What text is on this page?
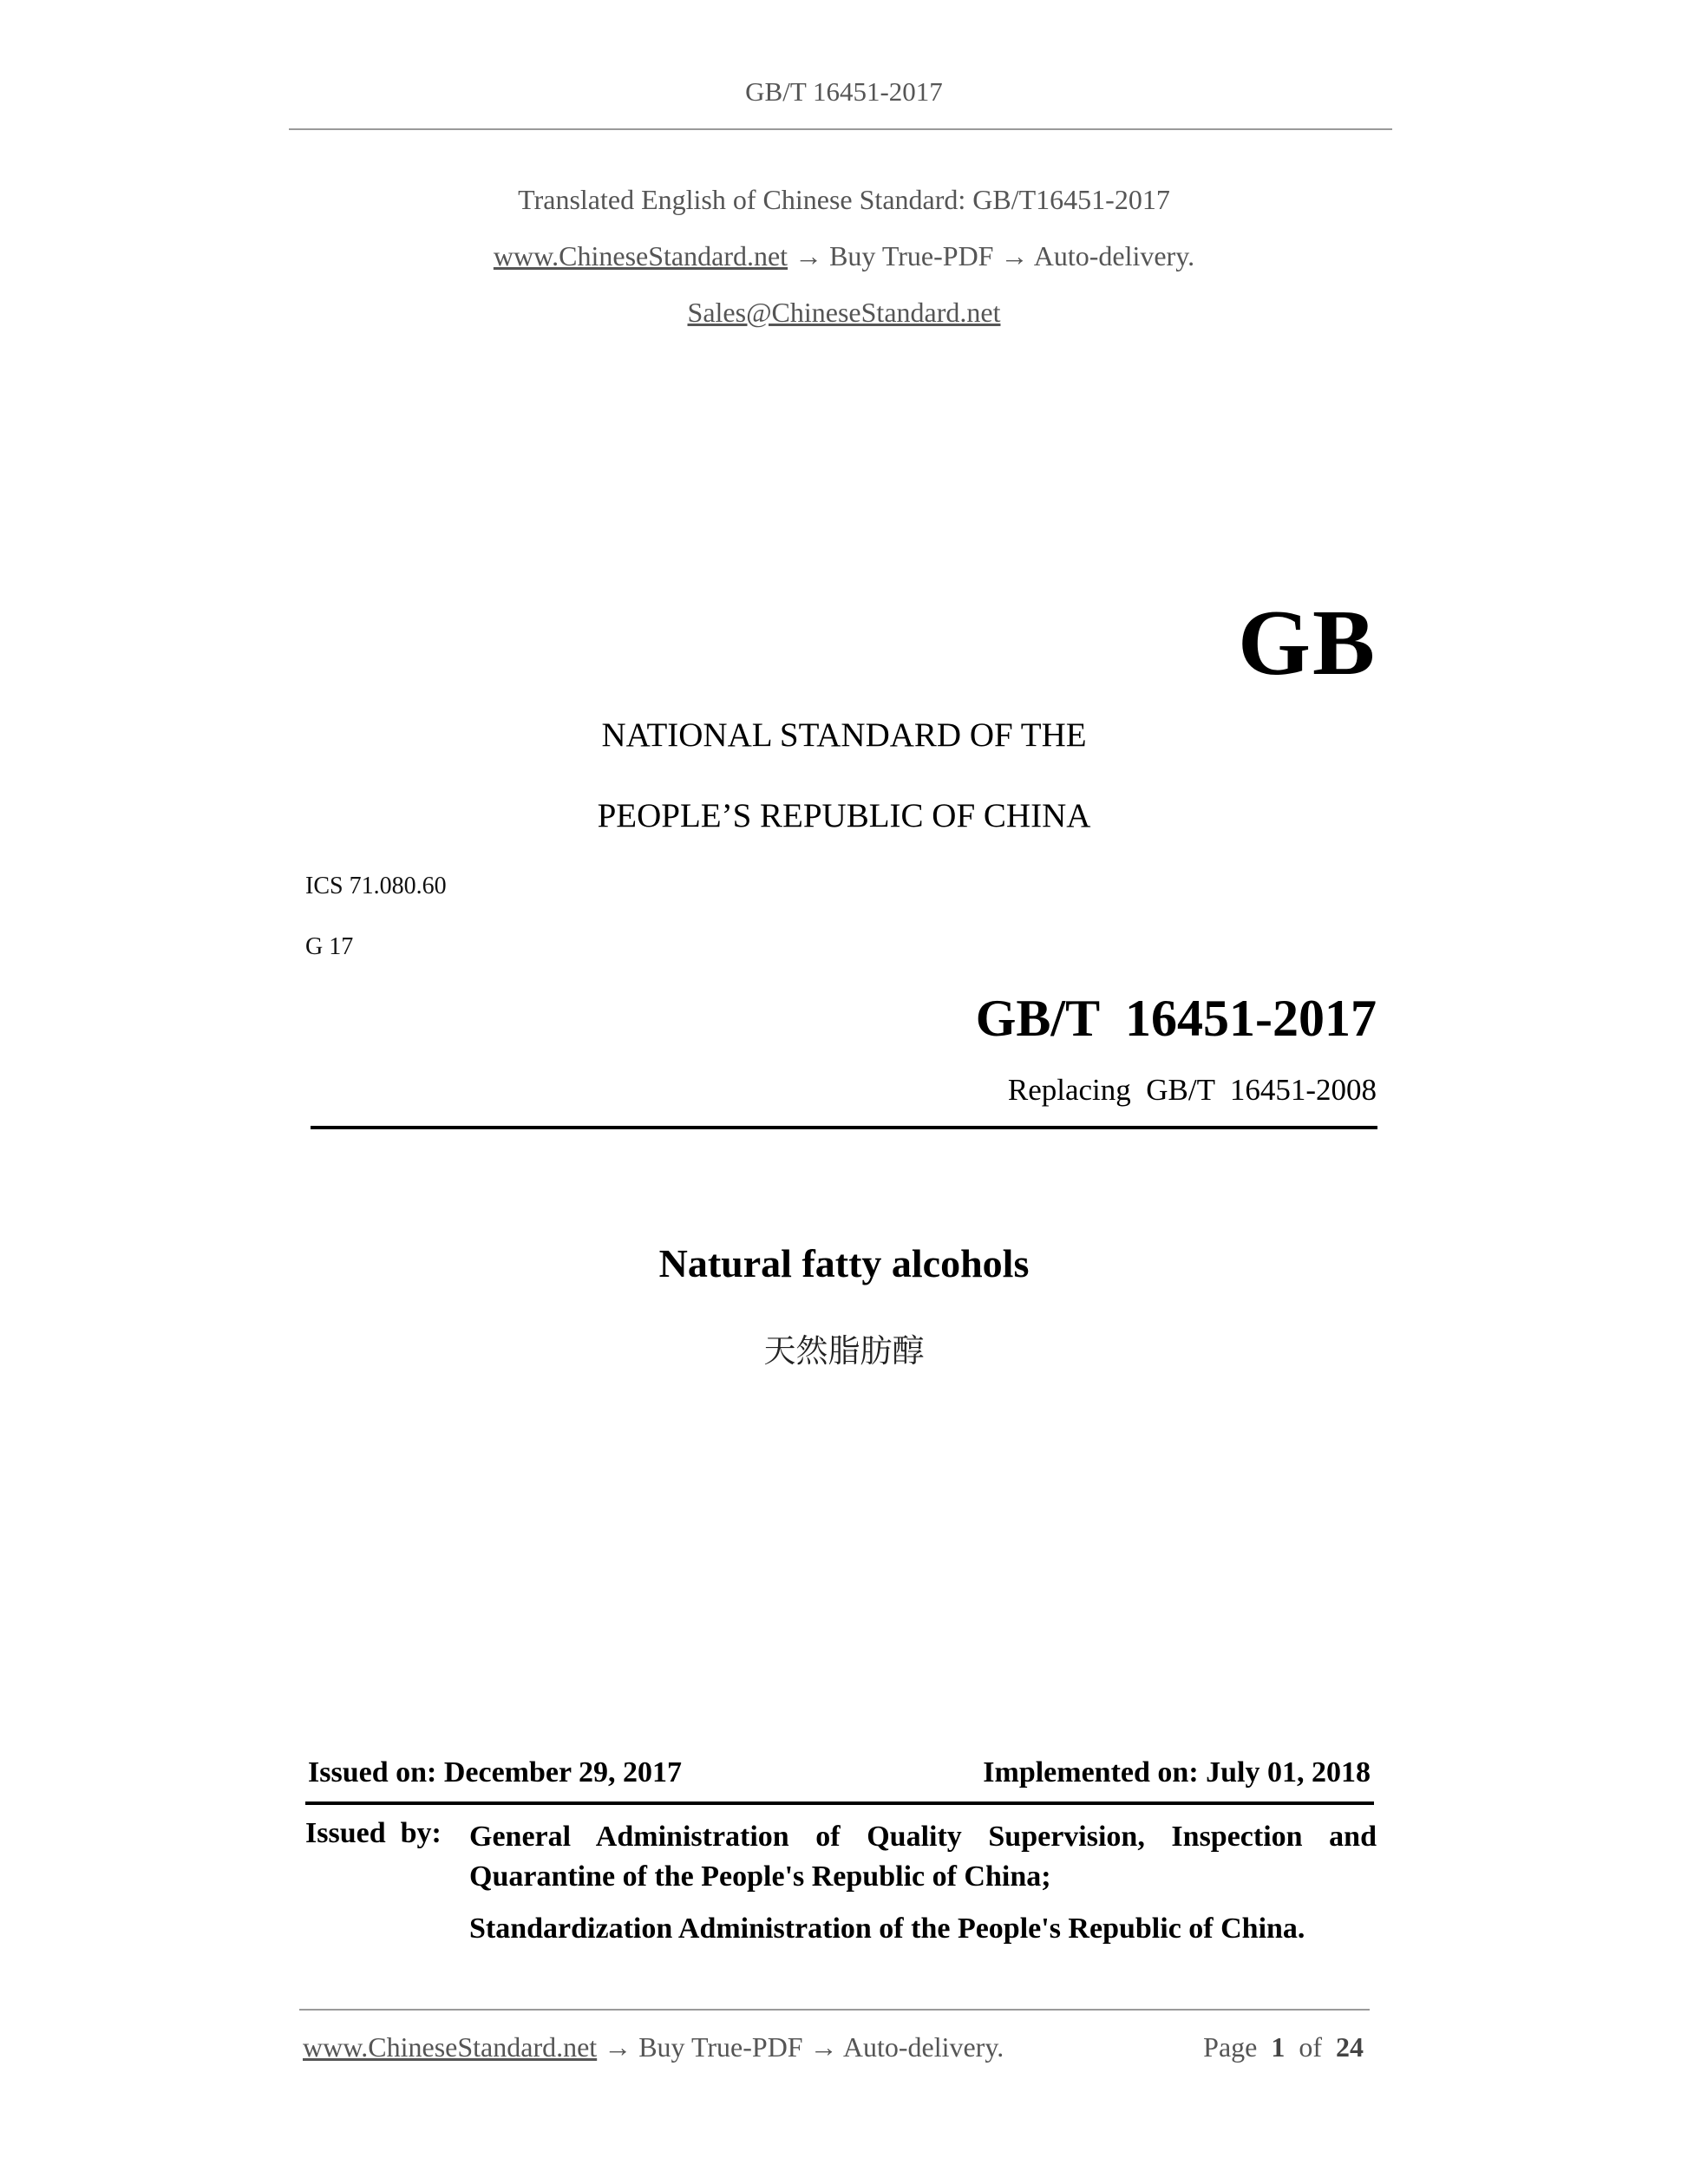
GB/T 16451-2017
Translated English of Chinese Standard: GB/T16451-2017
www.ChineseStandard.net → Buy True-PDF → Auto-delivery.
Sales@ChineseStandard.net
GB
NATIONAL STANDARD OF THE
PEOPLE’S REPUBLIC OF CHINA
ICS 71.080.60
G 17
GB/T  16451-2017
Replacing  GB/T  16451-2008
Natural fatty alcohols
天然脂肪醇
Issued on: December 29, 2017	Implemented on: July 01, 2018
Issued  by: General Administration of Quality Supervision, Inspection and
Quarantine of the People's Republic of China;
Standardization Administration of the People's Republic of China.
www.ChineseStandard.net → Buy True-PDF → Auto-delivery.	Page 1 of 24
